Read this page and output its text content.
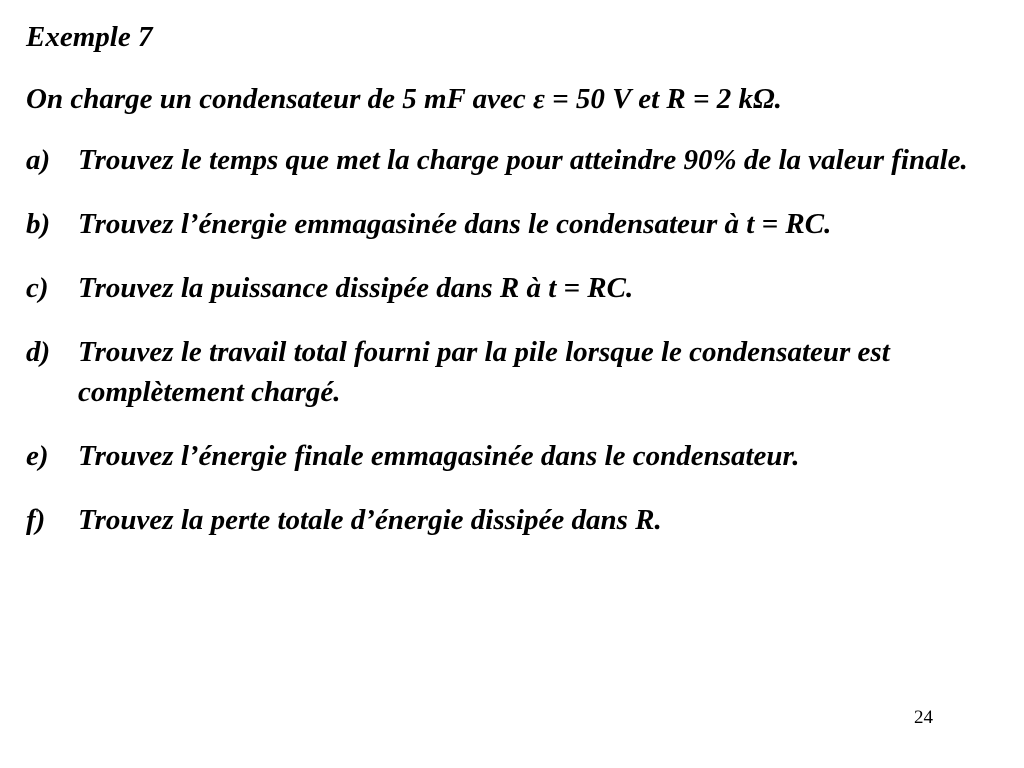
Exemple 7
On charge un condensateur de 5 mF avec ε = 50 V et R = 2 kΩ.
a) Trouvez le temps que met la charge pour atteindre 90% de la valeur finale.
b) Trouvez l’énergie emmagasinée dans le condensateur à t = RC.
c)	Trouvez la puissance dissipée dans R à t = RC.
d) Trouvez le travail total fourni par la pile lorsque le condensateur est complètement chargé.
e)	Trouvez l’énergie finale emmagasinée dans le condensateur.
f)	Trouvez la perte totale d’énergie dissipée dans R.
24
